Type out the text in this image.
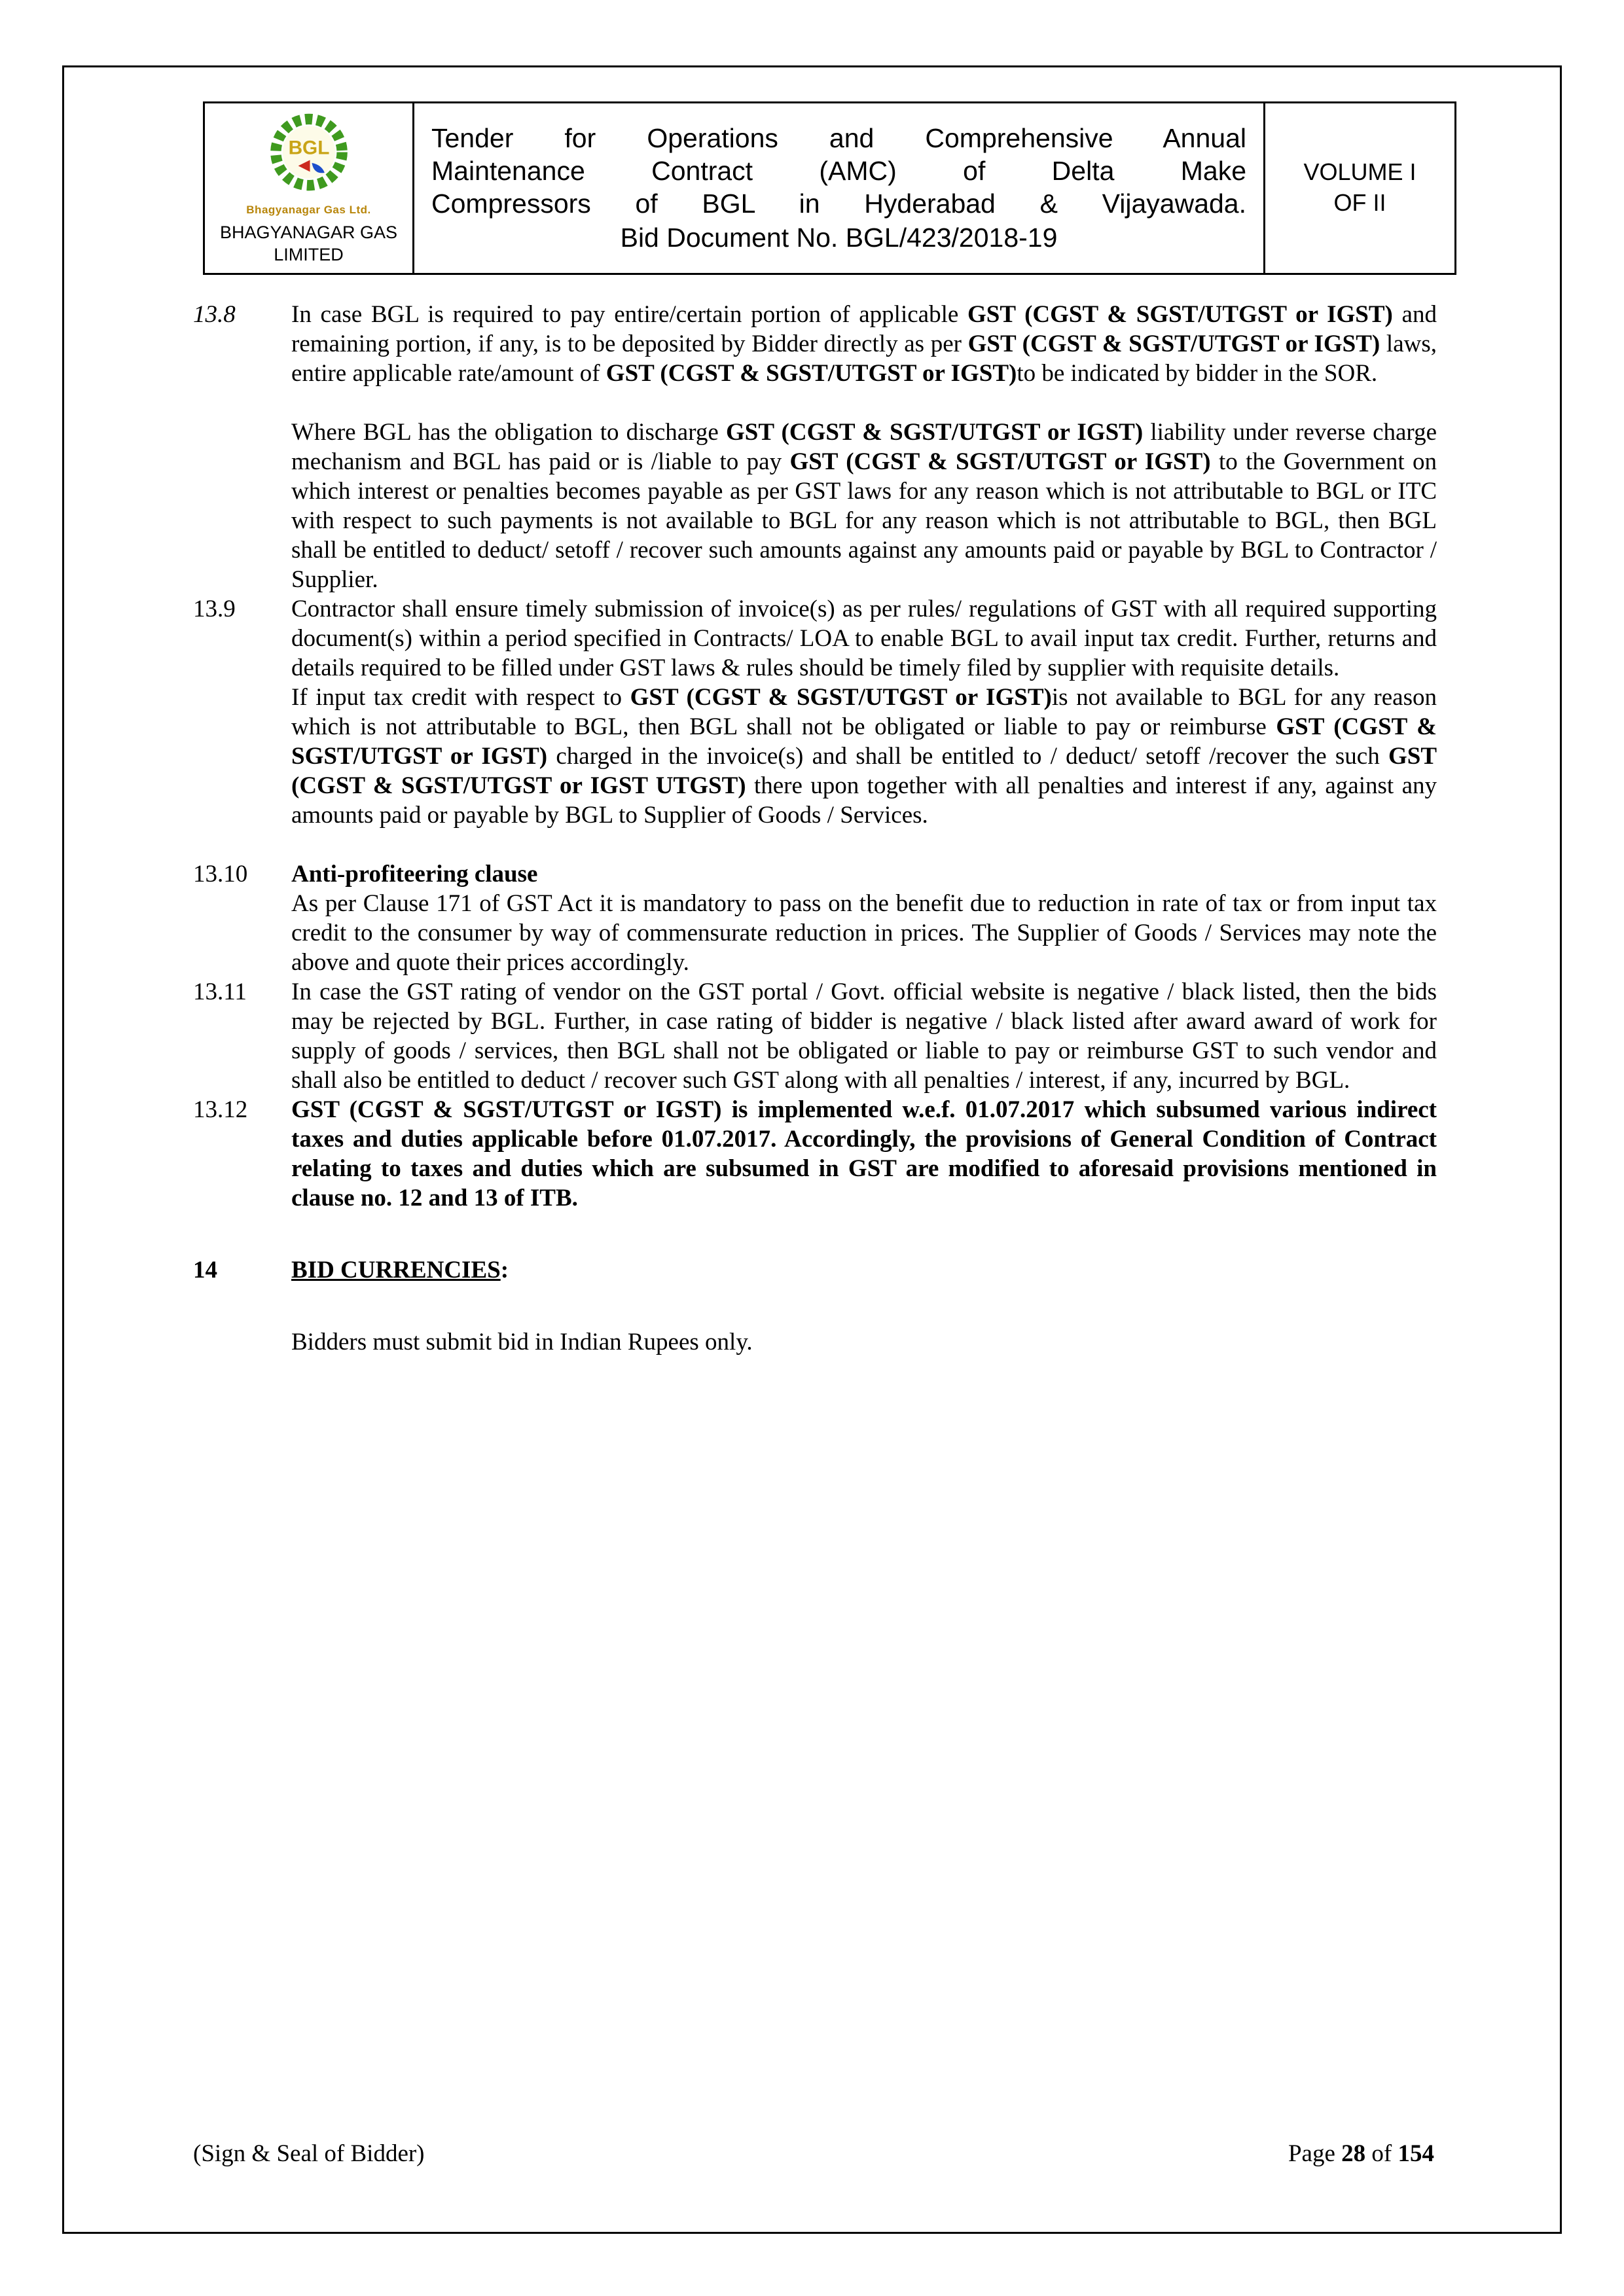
BGL
Bhagyanagar Gas Ltd.
BHAGYANAGAR GAS LIMITED

Tender for Operations and Comprehensive Annual
Maintenance Contract (AMC) of Delta Make
Compressors of BGL in Hyderabad & Vijayawada.
Bid Document No. BGL/423/2018-19

VOLUME I
OF II
13.8	In case BGL is required to pay entire/certain portion of applicable GST (CGST & SGST/UTGST or IGST) and remaining portion, if any, is to be deposited by Bidder directly as per GST (CGST & SGST/UTGST or IGST) laws, entire applicable rate/amount of GST (CGST & SGST/UTGST or IGST)to be indicated by bidder in the SOR.

Where BGL has the obligation to discharge GST (CGST & SGST/UTGST or IGST) liability under reverse charge mechanism and BGL has paid or is /liable to pay GST (CGST & SGST/UTGST or IGST) to the Government on which interest or penalties becomes payable as per GST laws for any reason which is not attributable to BGL or ITC with respect to such payments is not available to BGL for any reason which is not attributable to BGL, then BGL shall be entitled to deduct/ setoff / recover such amounts against any amounts paid or payable by BGL to Contractor / Supplier.

13.9	Contractor shall ensure timely submission of invoice(s) as per rules/ regulations of GST with all required supporting document(s) within a period specified in Contracts/ LOA to enable BGL to avail input tax credit. Further, returns and details required to be filled under GST laws & rules should be timely filed by supplier with requisite details.

If input tax credit with respect to GST (CGST & SGST/UTGST or IGST)is not available to BGL for any reason which is not attributable to BGL, then BGL shall not be obligated or liable to pay or reimburse GST (CGST & SGST/UTGST or IGST) charged in the invoice(s) and shall be entitled to / deduct/ setoff /recover the such GST (CGST & SGST/UTGST or IGST UTGST) there upon together with all penalties and interest if any, against any amounts paid or payable by BGL to Supplier of Goods / Services.

13.10	Anti-profiteering clause

As per Clause 171 of GST Act it is mandatory to pass on the benefit due to reduction in rate of tax or from input tax credit to the consumer by way of commensurate reduction in prices. The Supplier of Goods / Services may note the above and quote their prices accordingly.

13.11	In case the GST rating of vendor on the GST portal / Govt. official website is negative / black listed, then the bids may be rejected by BGL. Further, in case rating of bidder is negative / black listed after award award of work for supply of goods / services, then BGL shall not be obligated or liable to pay or reimburse GST to such vendor and shall also be entitled to deduct / recover such GST along with all penalties / interest, if any, incurred by BGL.

13.12	GST (CGST & SGST/UTGST or IGST) is implemented w.e.f. 01.07.2017 which subsumed various indirect taxes and duties applicable before 01.07.2017. Accordingly, the provisions of General Condition of Contract relating to taxes and duties which are subsumed in GST are modified to aforesaid provisions mentioned in clause no. 12 and 13 of ITB.

14	BID CURRENCIES:

Bidders must submit bid in Indian Rupees only.

(Sign & Seal of Bidder)	Page 28 of 154
